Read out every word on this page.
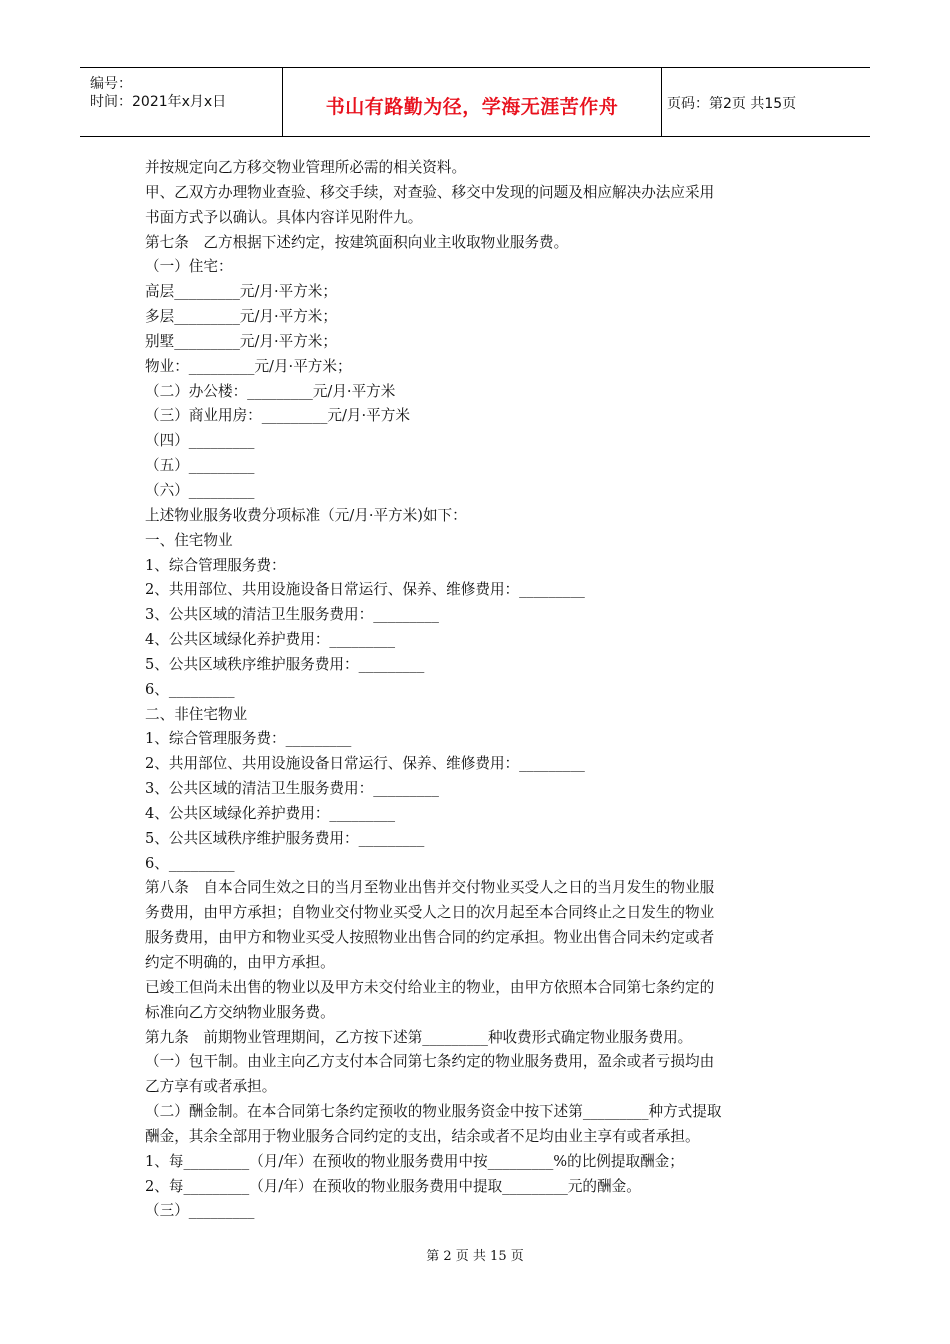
编号：
时间：2021年x月x日	书山有路勤为径，学海无涯苦作舟	页码：第2页 共15页
并按规定向乙方移交物业管理所必需的相关资料。
甲、乙双方办理物业查验、移交手续，对查验、移交中发现的问题及相应解决办法应采用
书面方式予以确认。具体内容详见附件九。
第七条　乙方根据下述约定，按建筑面积向业主收取物业服务费。
（一）住宅：
高层_________元/月·平方米；
多层_________元/月·平方米；
别墅_________元/月·平方米；
物业：_________元/月·平方米；
（二）办公楼：_________元/月·平方米
（三）商业用房：_________元/月·平方米
（四）_________
（五）_________
（六）_________
上述物业服务收费分项标准（元/月·平方米)如下：
一、住宅物业
1、综合管理服务费：
2、共用部位、共用设施设备日常运行、保养、维修费用：_________
3、公共区域的清洁卫生服务费用：_________
4、公共区域绿化养护费用：_________
5、公共区域秩序维护服务费用：_________
6、_________
二、非住宅物业
1、综合管理服务费：_________
2、共用部位、共用设施设备日常运行、保养、维修费用：_________
3、公共区域的清洁卫生服务费用：_________
4、公共区域绿化养护费用：_________
5、公共区域秩序维护服务费用：_________
6、_________
第八条　自本合同生效之日的当月至物业出售并交付物业买受人之日的当月发生的物业服
务费用，由甲方承担；自物业交付物业买受人之日的次月起至本合同终止之日发生的物业
服务费用，由甲方和物业买受人按照物业出售合同的约定承担。物业出售合同未约定或者
约定不明确的，由甲方承担。
已竣工但尚未出售的物业以及甲方未交付给业主的物业，由甲方依照本合同第七条约定的
标准向乙方交纳物业服务费。
第九条　前期物业管理期间，乙方按下述第_________种收费形式确定物业服务费用。
（一）包干制。由业主向乙方支付本合同第七条约定的物业服务费用，盈余或者亏损均由
乙方享有或者承担。
（二）酬金制。在本合同第七条约定预收的物业服务资金中按下述第_________种方式提取
酬金，其余全部用于物业服务合同约定的支出，结余或者不足均由业主享有或者承担。
1、每_________（月/年）在预收的物业服务费用中按_________%的比例提取酬金；
2、每_________（月/年）在预收的物业服务费用中提取_________元的酬金。
（三）_________
第 2 页 共 15 页
